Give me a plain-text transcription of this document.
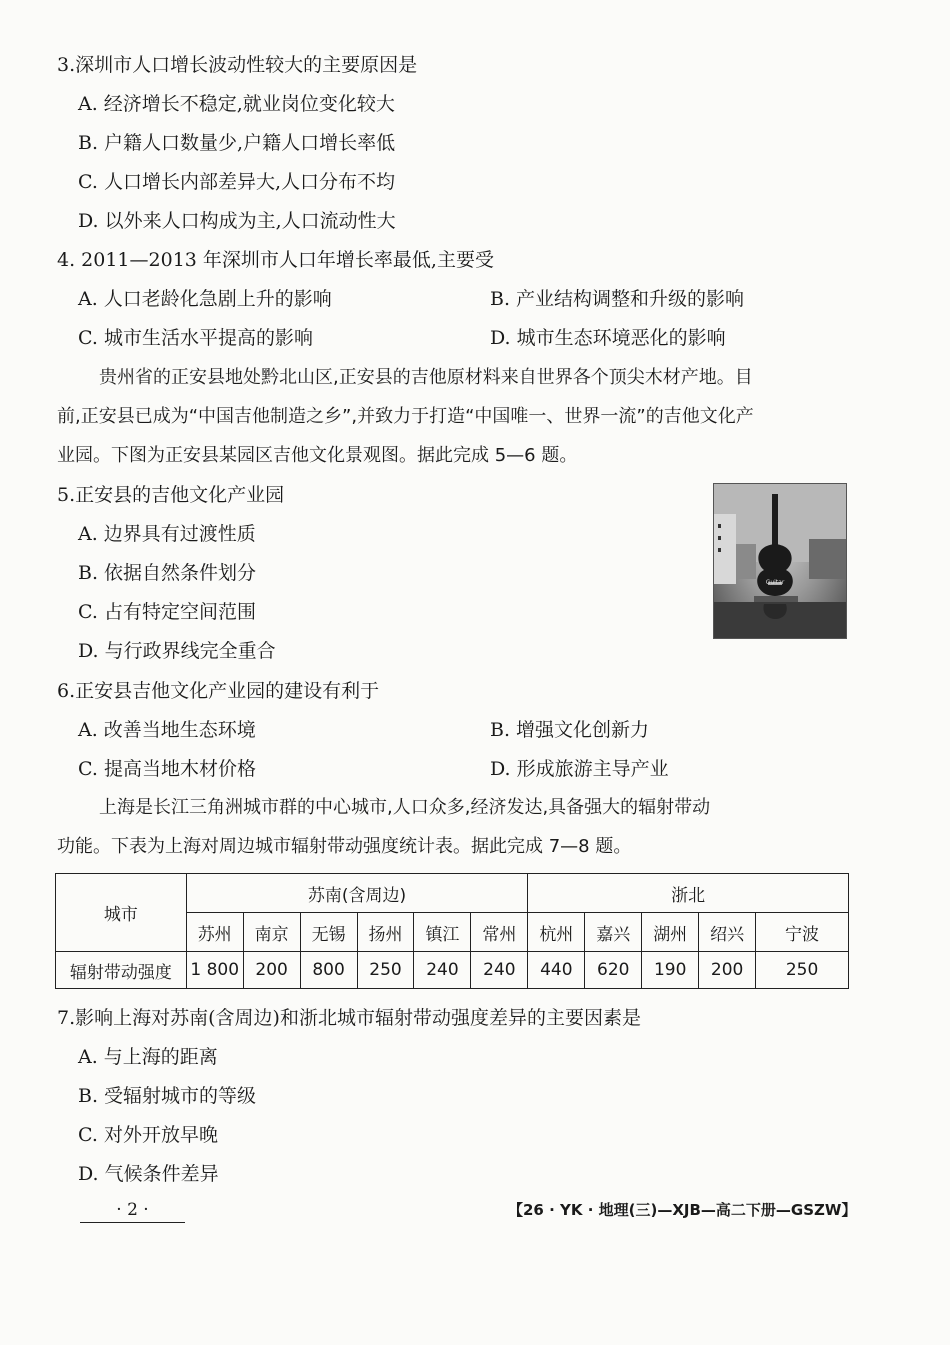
3.深圳市人口增长波动性较大的主要原因是
A. 经济增长不稳定,就业岗位变化较大
B. 户籍人口数量少,户籍人口增长率低
C. 人口增长内部差异大,人口分布不均
D. 以外来人口构成为主,人口流动性大
4. 2011—2013 年深圳市人口年增长率最低,主要受
A. 人口老龄化急剧上升的影响	B. 产业结构调整和升级的影响
C. 城市生活水平提高的影响	D. 城市生态环境恶化的影响
贵州省的正安县地处黔北山区,正安县的吉他原材料来自世界各个顶尖木材产地。目
前,正安县已成为“中国吉他制造之乡”,并致力于打造“中国唯一、世界一流”的吉他文化产
业园。下图为正安县某园区吉他文化景观图。据此完成 5—6 题。
5.正安县的吉他文化产业园
A. 边界具有过渡性质
B. 依据自然条件划分
C. 占有特定空间范围
D. 与行政界线完全重合
Guitar
6.正安县吉他文化产业园的建设有利于
A. 改善当地生态环境	B. 增强文化创新力
C. 提高当地木材价格	D. 形成旅游主导产业
上海是长江三角洲城市群的中心城市,人口众多,经济发达,具备强大的辐射带动
功能。下表为上海对周边城市辐射带动强度统计表。据此完成 7—8 题。
城市	苏南(含周边)						浙北				
	苏州	南京	无锡	扬州	镇江	常州	杭州	嘉兴	湖州	绍兴	宁波
辐射带动强度	1 800	200	800	250	240	240	440	620	190	200	250
7.影响上海对苏南(含周边)和浙北城市辐射带动强度差异的主要因素是
A. 与上海的距离
B. 受辐射城市的等级
C. 对外开放早晚
D. 气候条件差异
· 2 ·	【26 · YK · 地理(三)—XJB—高二下册—GSZW】
